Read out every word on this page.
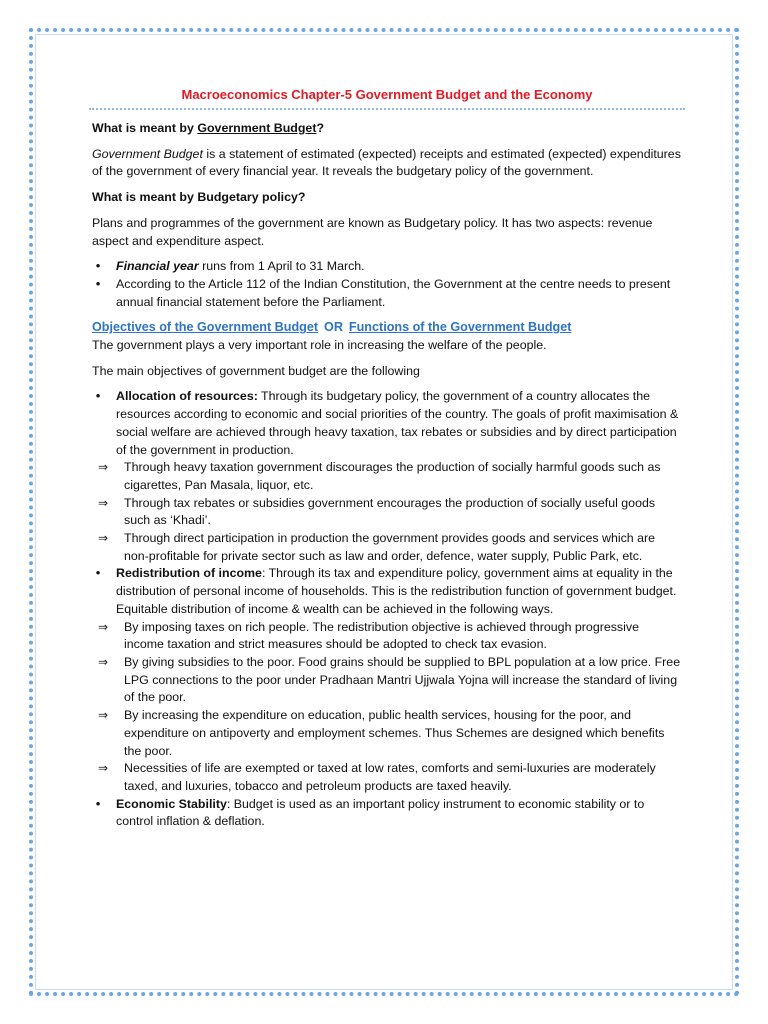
Macroeconomics Chapter-5 Government Budget and the Economy

What is meant by Government Budget?

Government Budget is a statement of estimated (expected) receipts and estimated (expected) expenditures of the government of every financial year. It reveals the budgetary policy of the government.

What is meant by Budgetary policy?

Plans and programmes of the government are known as Budgetary policy. It has two aspects: revenue aspect and expenditure aspect.

•	Financial year runs from 1 April to 31 March.
•	According to the Article 112 of the Indian Constitution, the Government at the centre needs to present annual financial statement before the Parliament.

Objectives of the Government Budget OR Functions of the Government Budget

The government plays a very important role in increasing the welfare of the people.

The main objectives of government budget are the following

•	Allocation of resources: Through its budgetary policy, the government of a country allocates the resources according to economic and social priorities of the country. The goals of profit maximisation & social welfare are achieved through heavy taxation, tax rebates or subsidies and by direct participation of the government in production.
⇒	Through heavy taxation government discourages the production of socially harmful goods such as cigarettes, Pan Masala, liquor, etc.
⇒	Through tax rebates or subsidies government encourages the production of socially useful goods such as ‘Khadi’.
⇒	Through direct participation in production the government provides goods and services which are non-profitable for private sector such as law and order, defence, water supply, Public Park, etc.
•	Redistribution of income: Through its tax and expenditure policy, government aims at equality in the distribution of personal income of households. This is the redistribution function of government budget. Equitable distribution of income & wealth can be achieved in the following ways.
⇒	By imposing taxes on rich people. The redistribution objective is achieved through progressive income taxation and strict measures should be adopted to check tax evasion.
⇒	By giving subsidies to the poor. Food grains should be supplied to BPL population at a low price. Free LPG connections to the poor under Pradhaan Mantri Ujjwala Yojna will increase the standard of living of the poor.
⇒	By increasing the expenditure on education, public health services, housing for the poor, and expenditure on antipoverty and employment schemes. Thus Schemes are designed which benefits the poor.
⇒	Necessities of life are exempted or taxed at low rates, comforts and semi-luxuries are moderately taxed, and luxuries, tobacco and petroleum products are taxed heavily.
•	Economic Stability: Budget is used as an important policy instrument to economic stability or to control inflation & deflation.
